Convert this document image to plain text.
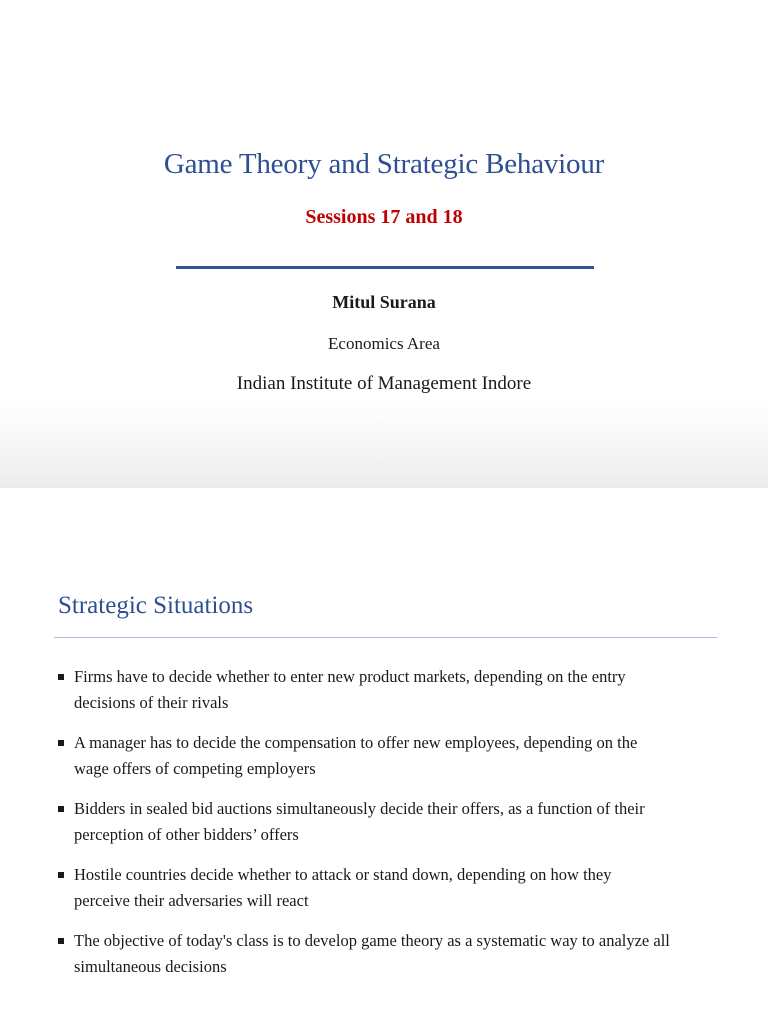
Game Theory and Strategic Behaviour
Sessions 17 and 18
Mitul Surana
Economics Area
Indian Institute of Management Indore
Strategic Situations
Firms have to decide whether to enter new product markets, depending on the entry
decisions of their rivals
A manager has to decide the compensation to offer new employees, depending on the
wage offers of competing employers
Bidders in sealed bid auctions simultaneously decide their offers, as a function of their
perception of other bidders’ offers
Hostile countries decide whether to attack or stand down, depending on how they
perceive their adversaries will react
The objective of today's class is to develop game theory as a systematic way to analyze all
simultaneous decisions
